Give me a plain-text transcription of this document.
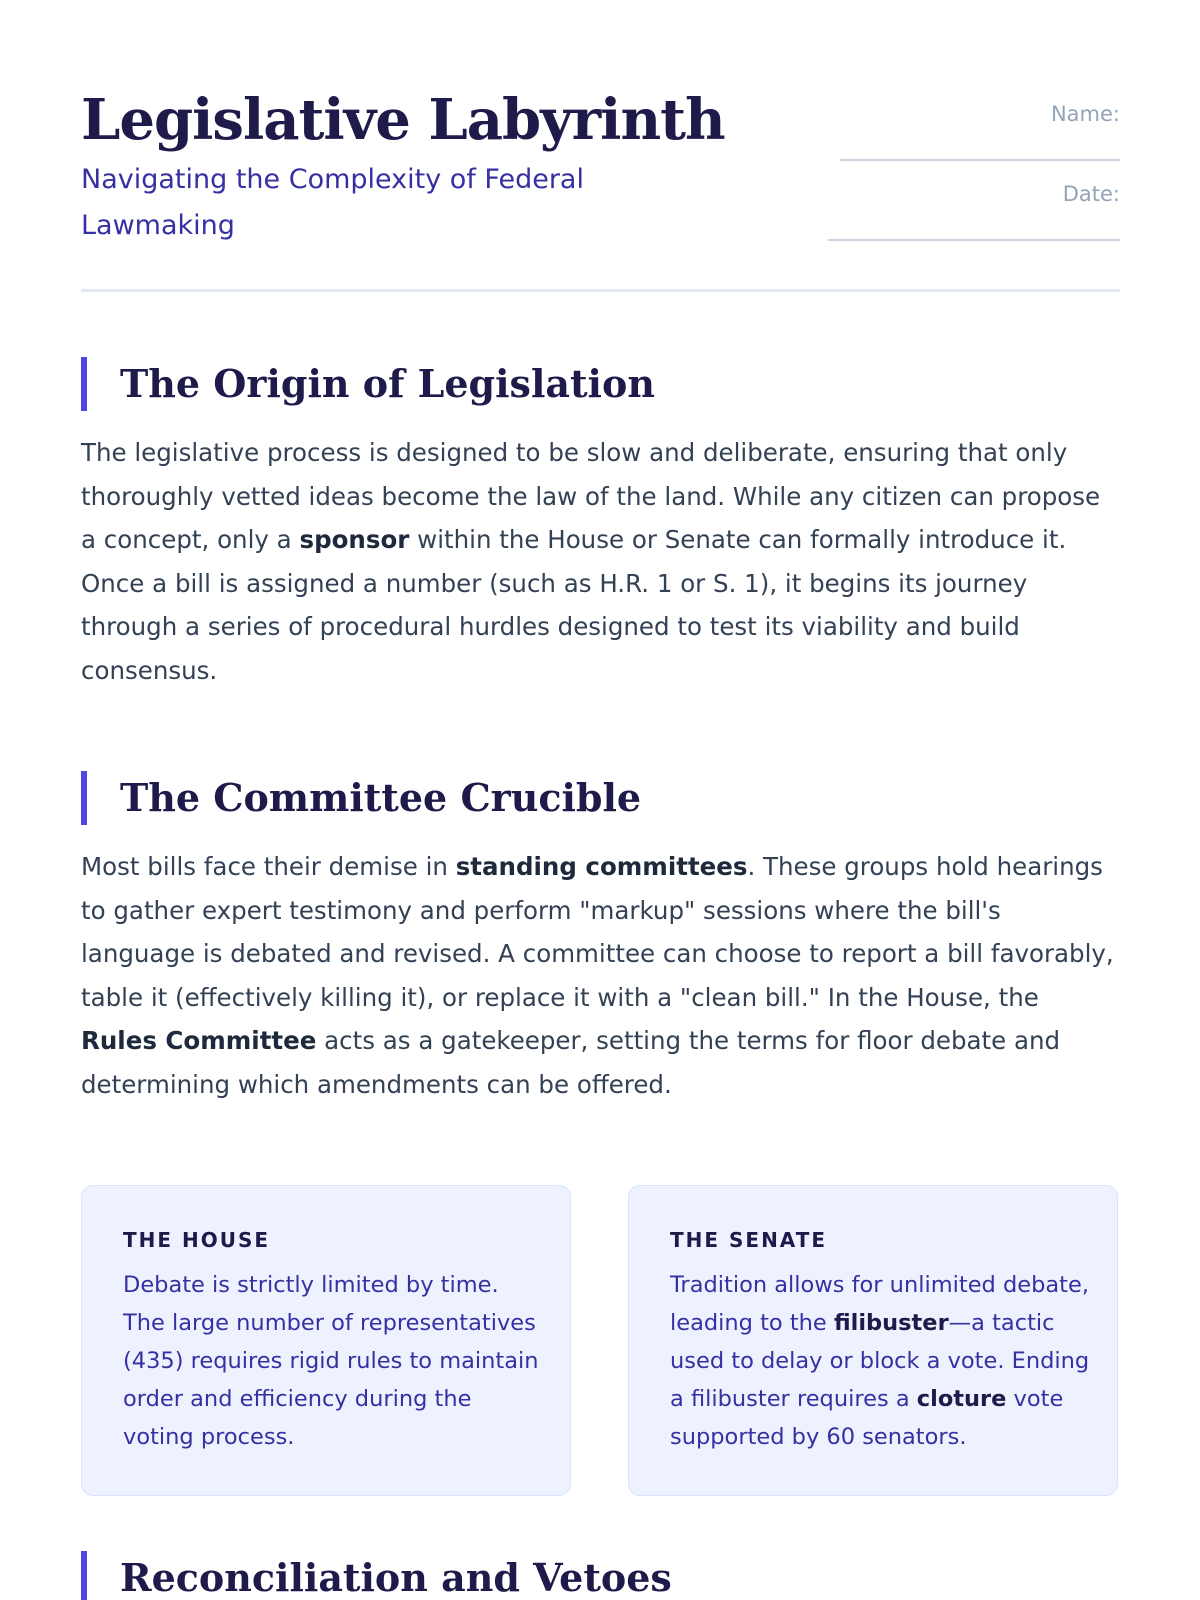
Legislative Labyrinth

Navigating the Complexity of Federal Lawmaking

Name:
Date:
The Origin of Legislation

The legislative process is designed to be slow and deliberate, ensuring that only thoroughly vetted ideas become the law of the land. While any citizen can propose a concept, only a sponsor within the House or Senate can formally introduce it. Once a bill is assigned a number (such as H.R. 1 or S. 1), it begins its journey through a series of procedural hurdles designed to test its viability and build consensus.

The Committee Crucible

Most bills face their demise in standing committees. These groups hold hearings to gather expert testimony and perform "markup" sessions where the bill's language is debated and revised. A committee can choose to report a bill favorably, table it (effectively killing it), or replace it with a "clean bill." In the House, the Rules Committee acts as a gatekeeper, setting the terms for floor debate and determining which amendments can be offered.

THE HOUSE

Debate is strictly limited by time. The large number of representatives (435) requires rigid rules to maintain order and efficiency during the voting process.

THE SENATE

Tradition allows for unlimited debate, leading to the filibuster—a tactic used to delay or block a vote. Ending a filibuster requires a cloture vote supported by 60 senators.

Reconciliation and Vetoes
